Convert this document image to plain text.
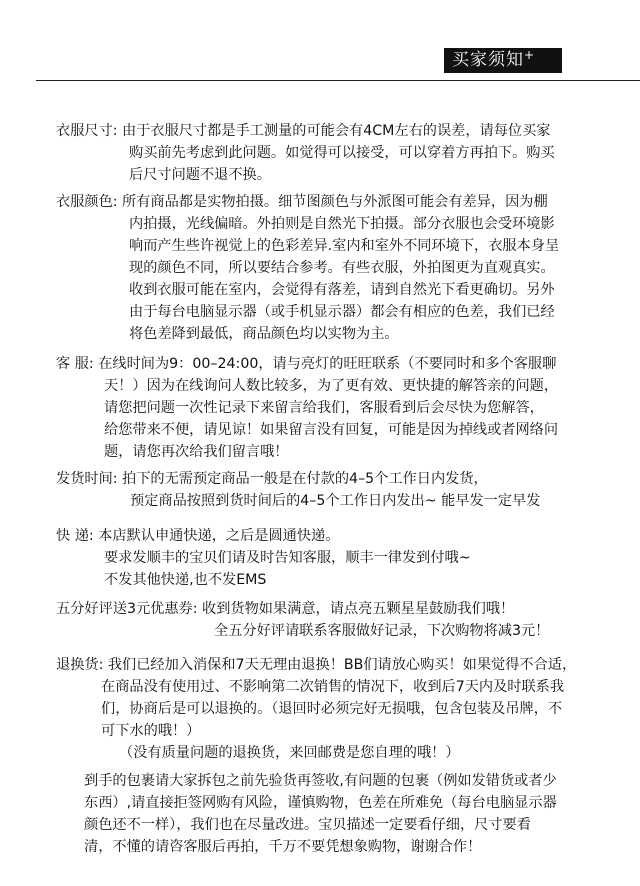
买家须知+
衣服尺寸: 由于衣服尺寸都是手工测量的可能会有4CM左右的误差，请每位买家
购买前先考虑到此问题。如觉得可以接受，可以穿着方再拍下。购买
后尺寸问题不退不换。
衣服颜色: 所有商品都是实物拍摄。细节图颜色与外派图可能会有差异，因为棚
内拍摄，光线偏暗。外拍则是自然光下拍摄。部分衣服也会受环境影
响而产生些许视觉上的色彩差异.室内和室外不同环境下，衣服本身呈
现的颜色不同，所以要结合参考。有些衣服，外拍图更为直观真实。
收到衣服可能在室内，会觉得有落差，请到自然光下看更确切。另外
由于每台电脑显示器（或手机显示器）都会有相应的色差，我们已经
将色差降到最低，商品颜色均以实物为主。
客 服: 在线时间为9：00–24:00，请与亮灯的旺旺联系（不要同时和多个客服聊
天！）因为在线询问人数比较多，为了更有效、更快捷的解答亲的问题，
请您把问题一次性记录下来留言给我们，客服看到后会尽快为您解答，
给您带来不便，请见谅！如果留言没有回复，可能是因为掉线或者网络问
题，请您再次给我们留言哦！
发货时间: 拍下的无需预定商品一般是在付款的4–5个工作日内发货，
预定商品按照到货时间后的4–5个工作日内发出~ 能早发一定早发
快 递: 本店默认申通快递，之后是圆通快递。
要求发顺丰的宝贝们请及时告知客服，顺丰一律发到付哦~
不发其他快递,也不发EMS
五分好评送3元优惠券: 收到货物如果满意，请点亮五颗星星鼓励我们哦！
全五分好评请联系客服做好记录，下次购物将减3元！
退换货: 我们已经加入消保和7天无理由退换！BB们请放心购买！如果觉得不合适，
在商品没有使用过、不影响第二次销售的情况下，收到后7天内及时联系我
们，协商后是可以退换的。（退回时必须完好无损哦，包含包装及吊牌，不
可下水的哦！）
（没有质量问题的退换货，来回邮费是您自理的哦！）
到手的包裹请大家拆包之前先验货再签收,有问题的包裹（例如发错货或者少
东西）,请直接拒签网购有风险，谨慎购物，色差在所难免（每台电脑显示器
颜色还不一样），我们也在尽量改进。宝贝描述一定要看仔细，尺寸要看
清，不懂的请咨客服后再拍，千万不要凭想象购物，谢谢合作！
